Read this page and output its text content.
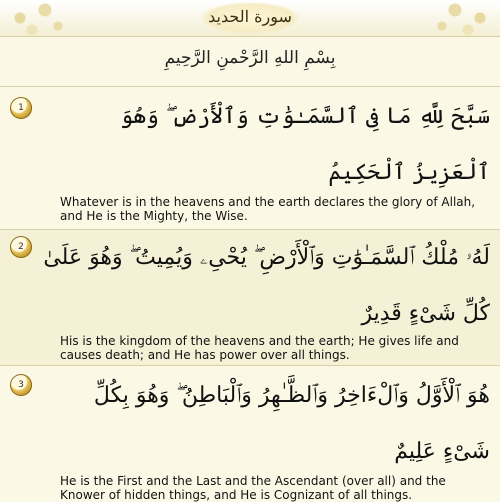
سورة الحديد
بِسْمِ اللهِ الرَّحْمنِ الرَّحِيمِ
1	سَبَّحَ لِلَّهِ مَا فِى ٱلسَّمَـٰوَٰتِ وَٱلْأَرْضِ ۖ وَهُوَ ٱلْعَزِيزُ ٱلْحَكِيمُ
Whatever is in the heavens and the earth declares the glory of Allah, and He is the Mighty, the Wise.
2 لَهُۥ مُلْكُ ٱلسَّمَـٰوَٰتِ وَٱلْأَرْضِ ۖ يُحْىِۦ وَيُمِيتُ ۖ وَهُوَ عَلَىٰ كُلِّ شَىْءٍ قَدِيرٌ
His is the kingdom of the heavens and the earth; He gives life and causes death; and He has power over all things.
3	هُوَ ٱلْأَوَّلُ وَٱلْءَاخِرُ وَٱلظَّـٰهِرُ وَٱلْبَاطِنُ ۖ وَهُوَ بِكُلِّ شَىْءٍ عَلِيمٌ
He is the First and the Last and the Ascendant (over all) and the Knower of hidden things, and He is Cognizant of all things.
